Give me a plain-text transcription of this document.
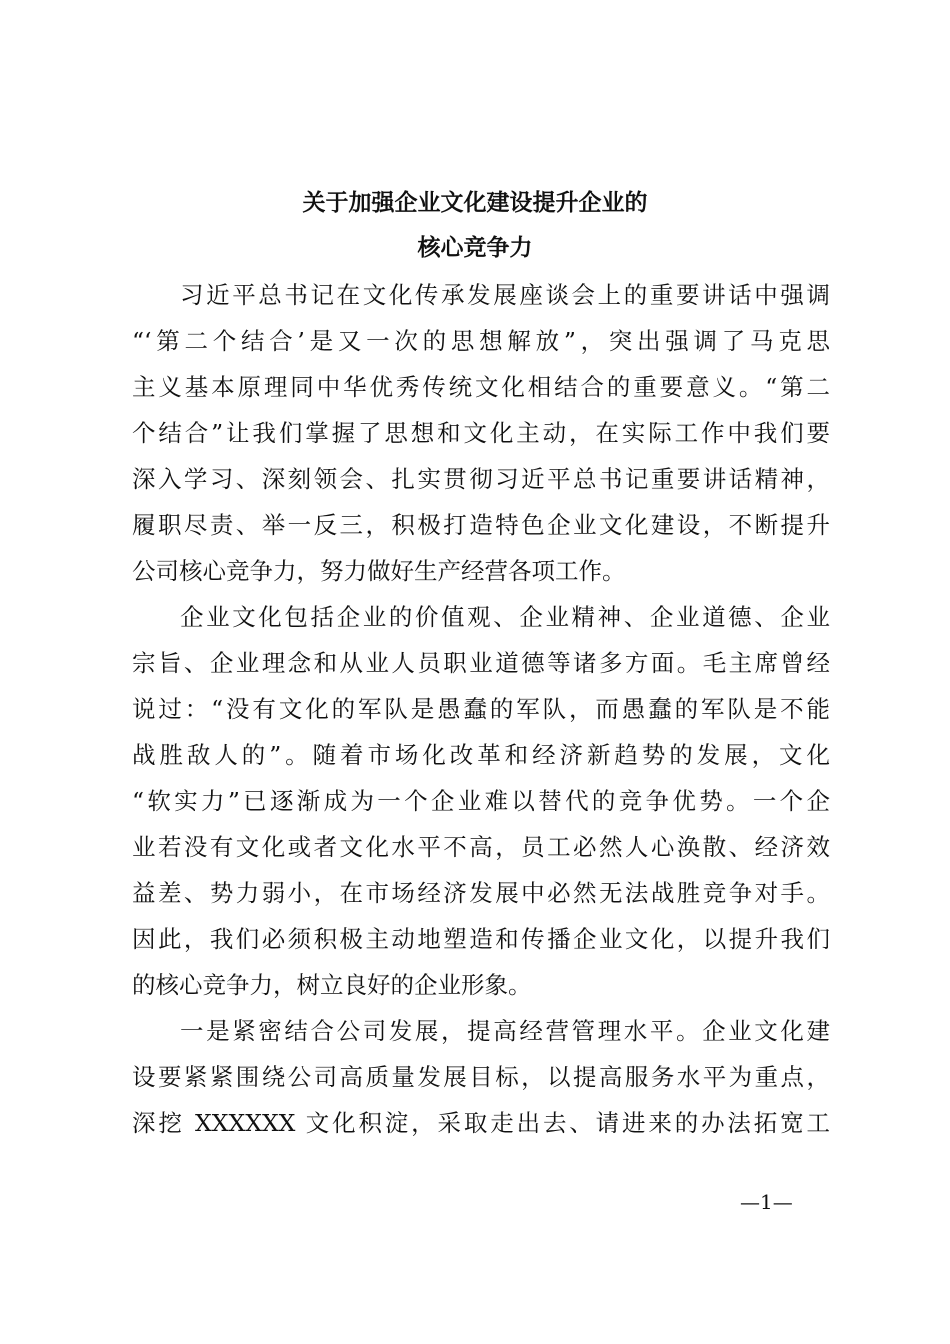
关于加强企业文化建设提升企业的
核心竞争力

习近平总书记在文化传承发展座谈会上的重要讲话中强调

“‘第二个结合’是又一次的思想解放”，突出强调了马克思

主义基本原理同中华优秀传统文化相结合的重要意义。“第二

个结合”让我们掌握了思想和文化主动，在实际工作中我们要

深入学习、深刻领会、扎实贯彻习近平总书记重要讲话精神，

履职尽责、举一反三，积极打造特色企业文化建设，不断提升

公司核心竞争力，努力做好生产经营各项工作。

企业文化包括企业的价值观、企业精神、企业道德、企业

宗旨、企业理念和从业人员职业道德等诸多方面。毛主席曾经

说过：“没有文化的军队是愚蠢的军队，而愚蠢的军队是不能

战胜敌人的”。随着市场化改革和经济新趋势的发展，文化

“软实力”已逐渐成为一个企业难以替代的竞争优势。一个企

业若没有文化或者文化水平不高，员工必然人心涣散、经济效

益差、势力弱小，在市场经济发展中必然无法战胜竞争对手。

因此，我们必须积极主动地塑造和传播企业文化，以提升我们

的核心竞争力，树立良好的企业形象。

一是紧密结合公司发展，提高经营管理水平。企业文化建

设要紧紧围绕公司高质量发展目标，以提高服务水平为重点，

深挖 XXXXXX 文化积淀，采取走出去、请进来的办法拓宽工

—1—
